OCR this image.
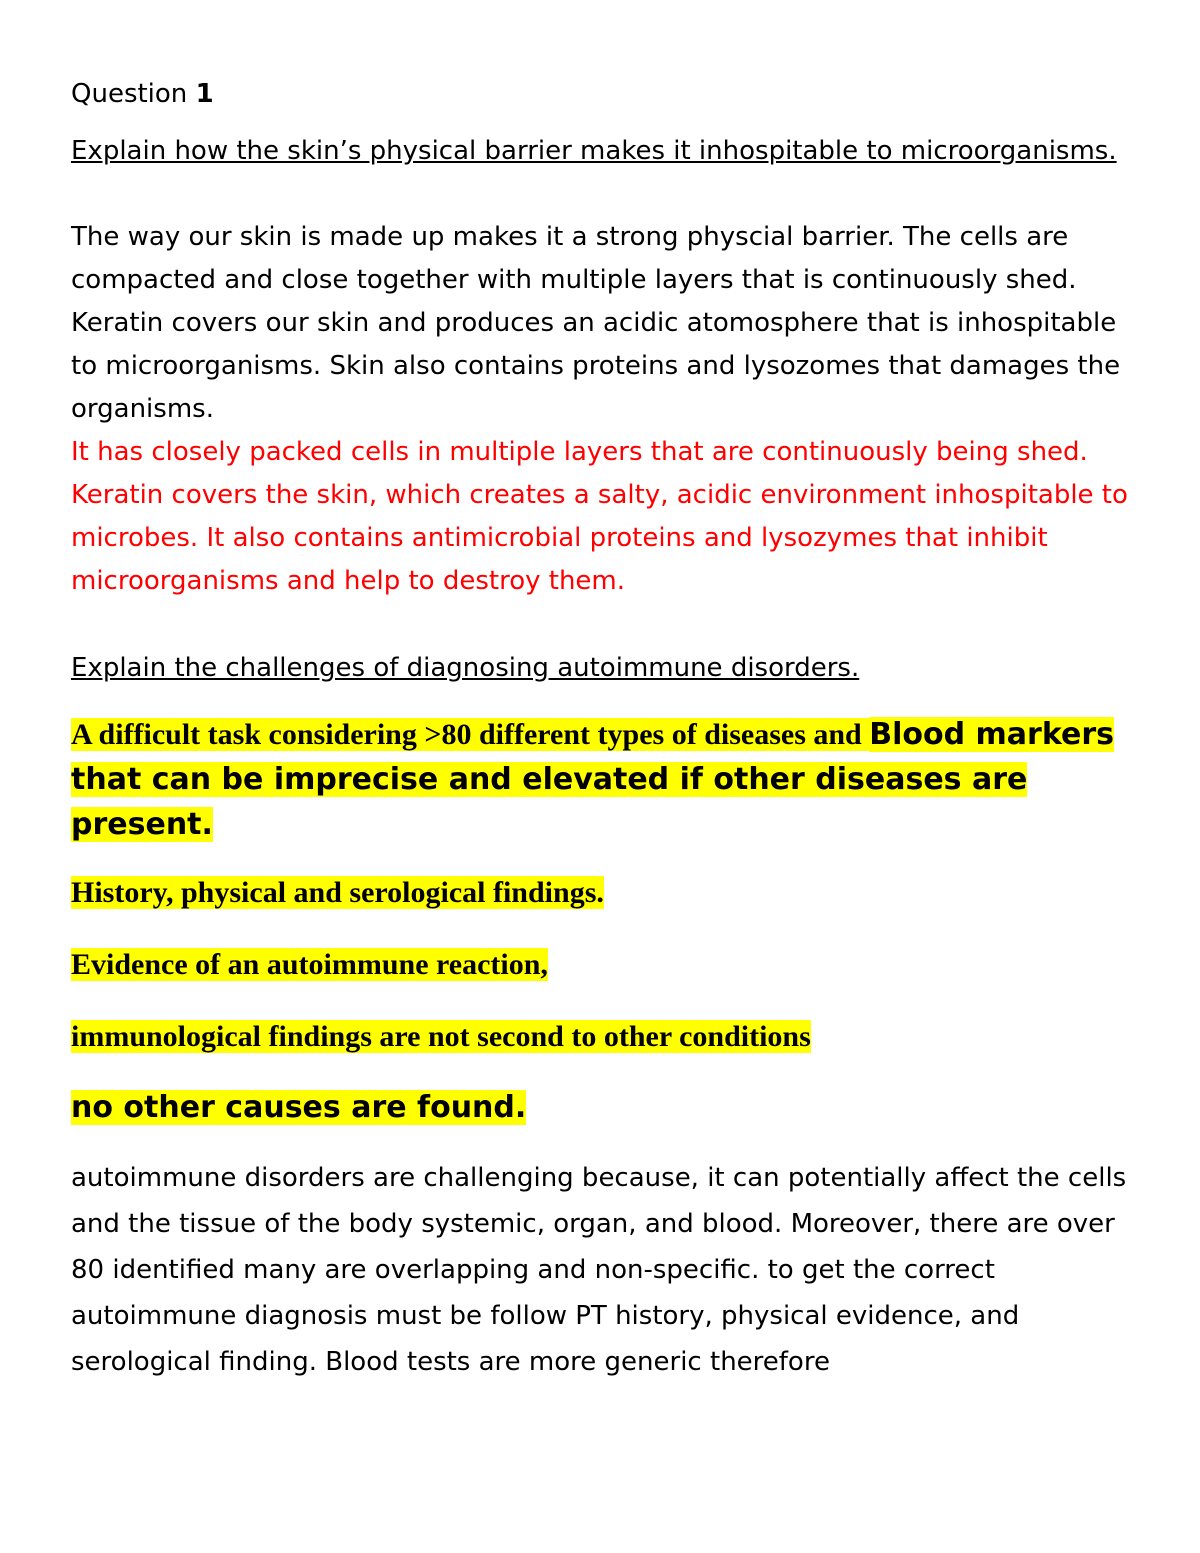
Question 1

Explain how the skin’s physical barrier makes it inhospitable to microorganisms.

The way our skin is made up makes it a strong physcial barrier. The cells are compacted and close together with multiple layers that is continuously shed. Keratin covers our skin and produces an acidic atomosphere that is inhospitable to microorganisms. Skin also contains proteins and lysozomes that damages the organisms.

It has closely packed cells in multiple layers that are continuously being shed. Keratin covers the skin, which creates a salty, acidic environment inhospitable to microbes. It also contains antimicrobial proteins and lysozymes that inhibit microorganisms and help to destroy them.

Explain the challenges of diagnosing autoimmune disorders.

A difficult task considering >80 different types of diseases and Blood markers that can be imprecise and elevated if other diseases are present.

History, physical and serological findings.

Evidence of an autoimmune reaction,

immunological findings are not second to other conditions

no other causes are found.

autoimmune disorders are challenging because, it can potentially affect the cells and the tissue of the body systemic, organ, and blood. Moreover, there are over 80 identified many are overlapping and non-specific. to get the correct autoimmune diagnosis must be follow PT history, physical evidence, and serological finding. Blood tests are more generic therefore
